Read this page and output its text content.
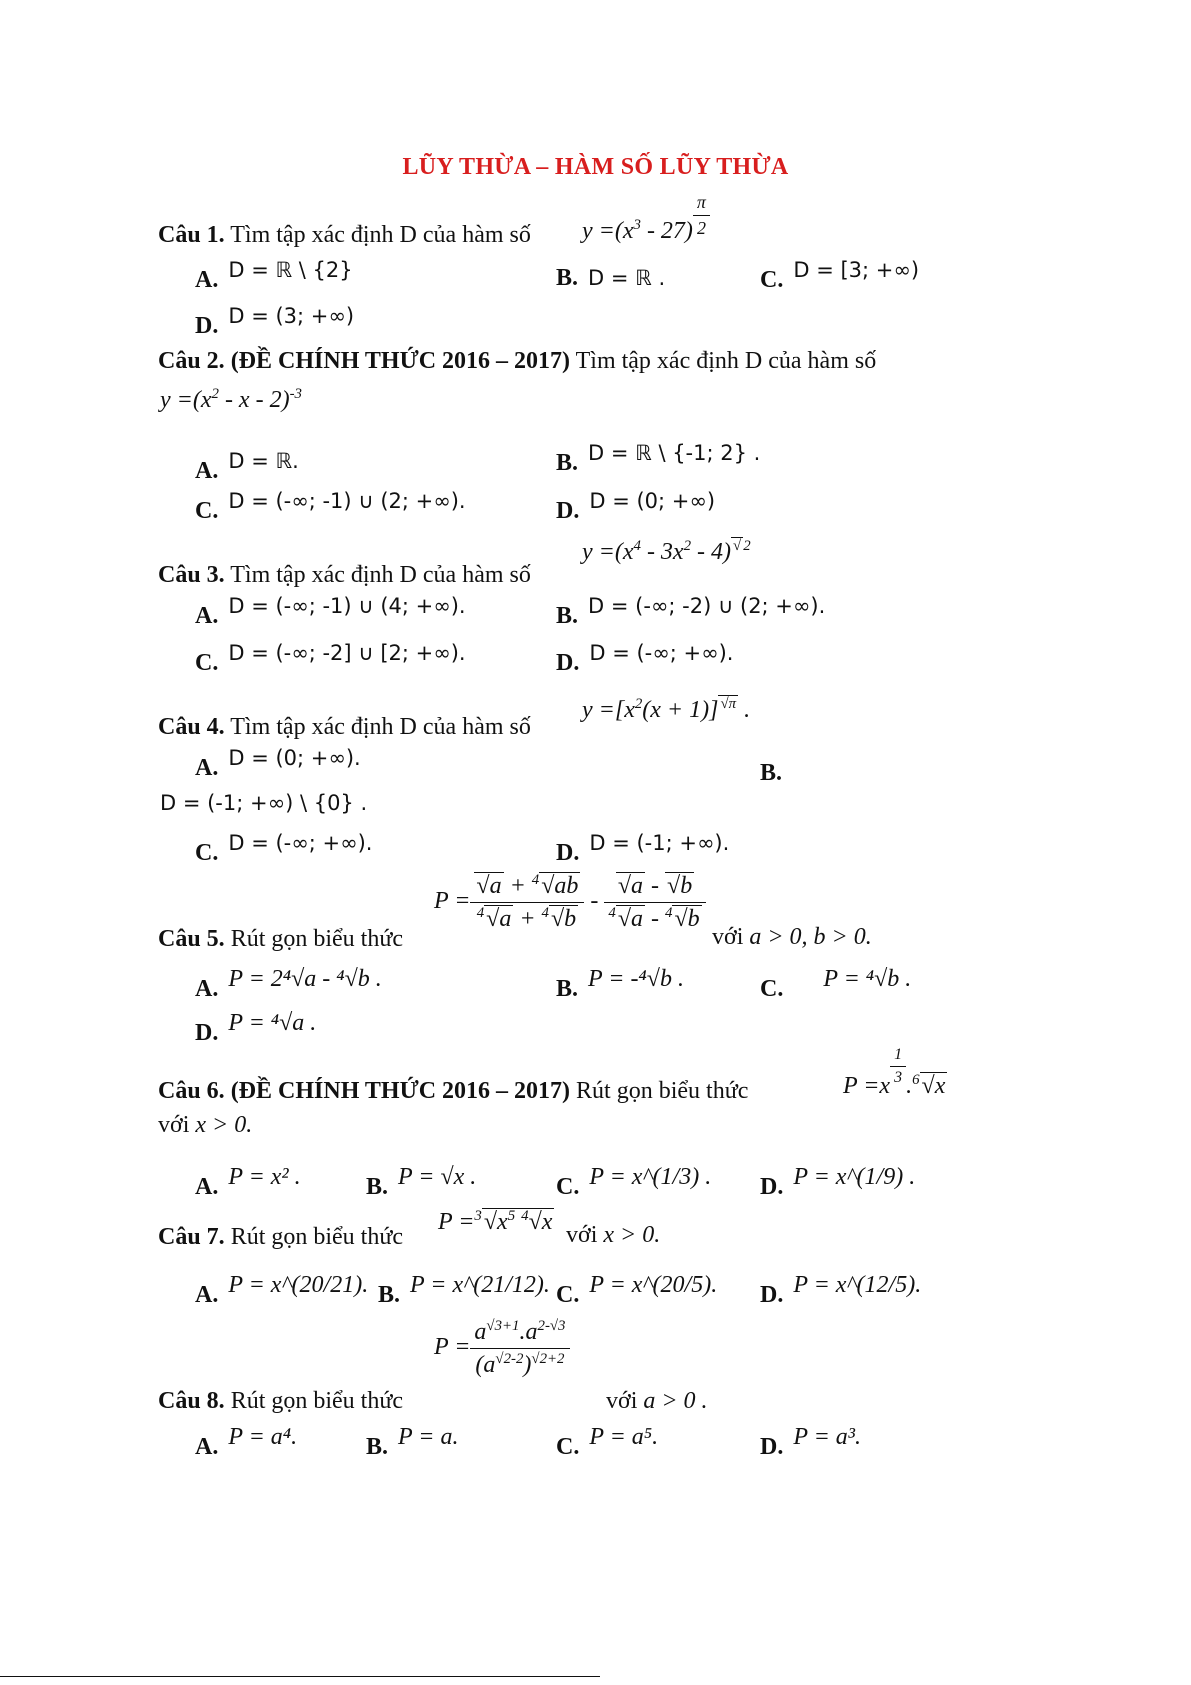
LŨY THỪA – HÀM SỐ LŨY THỪA
Câu 1. Tìm tập xác định D của hàm số $y =(x^3 - 27)$ $^{\frac{\pi}{2}}$
A. D = ℝ \ {2}	B. D = ℝ .	C. D = [3; +∞)
D. D = (3; +∞)
Câu 2. (ĐỀ CHÍNH THỨC 2016 – 2017) Tìm tập xác định D của hàm số
$y =(x^2 - x - 2)^{-3}$
A. D = ℝ.	B. D = ℝ \ {-1; 2} .
C. D = (-∞; -1) ∪ (2; +∞).	D. D = (0; +∞)
Câu 3. Tìm tập xác định D của hàm số
$y =(x^4 - 3x^2 - 4)$ $^{√ 2}$
A. D = (-∞; -1) ∪ (4; +∞).	B. D = (-∞; -2) ∪ (2; +∞).
C. D = (-∞; -2] ∪ [2; +∞).	D. D = (-∞; +∞).
Câu 4. Tìm tập xác định D của hàm số
$y =[x^2(x + 1)]$ $^{√\pi}$ .
A. D = (0; +∞).
B.
D = (-1; +∞) \ {0} .
C. D = (-∞; +∞).	D. D = (-1; +∞).
Câu 5. Rút gọn biểu thức
$P = \frac{√a + ^4√ab}{^4√a + ^4√b} - \frac{√a - √b}{^4√a - ^4√b}$
với a > 0, b > 0.
A. P = 2⁴√a - ⁴√b .	B. P = -⁴√b .	C. P = ⁴√b .
D. P = ⁴√a .
Câu 6. (ĐỀ CHÍNH THỨC 2016 – 2017) Rút gọn biểu thức	P =x $^{\frac{1}{3}}$ .$^6$√x
với x > 0.
A. P = x² .	B. P = √x .	C. P = x^(1/3) . D. P = x^(1/9) .
Câu 7. Rút gọn biểu thức
$P =^3√x^5$ $^4$√x với x > 0.
A. P = x^(20/21). B. P = x^(21/12). C. P = x^(20/5). D. P = x^(12/5).
Câu 8. Rút gọn biểu thức
$P = \frac{a^{√3+1}.a^{2-√3}}{(a^{√2-2})^{√2+2}}$
với a > 0 .
A. P = a⁴.	B. P = a.	C. P = a⁵.	D. P = a³.
